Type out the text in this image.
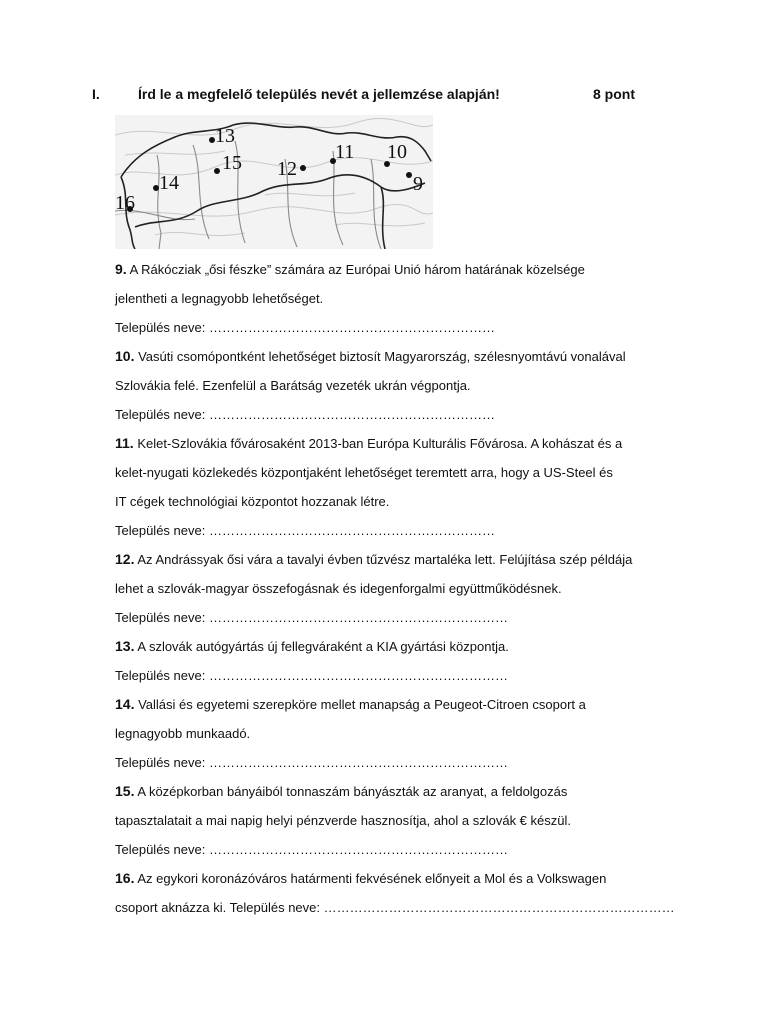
I.	Írd le a megfelelő település nevét a jellemzése alapján!	8 pont
13
15
14
16
12
11 10
9
9. A Rákócziak „ősi fészke” számára az Európai Unió három határának közelsége
jelentheti a legnagyobb lehetőséget.
Település neve: …………………………………………………………
10. Vasúti csomópontként lehetőséget biztosít Magyarország, szélesnyomtávú vonalával
Szlovákia felé. Ezenfelül a Barátság vezeték ukrán végpontja.
Település neve: …………………………………………………………
11. Kelet-Szlovákia fővárosaként 2013-ban Európa Kulturális Fővárosa. A kohászat és a
kelet-nyugati közlekedés központjaként lehetőséget teremtett arra, hogy a US-Steel és
IT cégek technológiai központot hozzanak létre.
Település neve: …………………………………………………………
12. Az Andrássyak ősi vára a tavalyi évben tűzvész martaléka lett. Felújítása szép példája
lehet a szlovák-magyar összefogásnak és idegenforgalmi együttműködésnek.
Település neve: ……………………………………………………………
13. A szlovák autógyártás új fellegváraként a KIA gyártási központja.
Település neve: ……………………………………………………………
14. Vallási és egyetemi szerepköre mellet manapság a Peugeot-Citroen csoport a
legnagyobb munkaadó.
Település neve: ……………………………………………………………
15. A középkorban bányáiból tonnaszám bányászták az aranyat, a feldolgozás
tapasztalatait a mai napig helyi pénzverde hasznosítja, ahol a szlovák € készül.
Település neve: ……………………………………………………………
16. Az egykori koronázóváros határmenti fekvésének előnyeit a Mol és a Volkswagen
csoport aknázza ki. Település neve: ………………………………………………………………………
